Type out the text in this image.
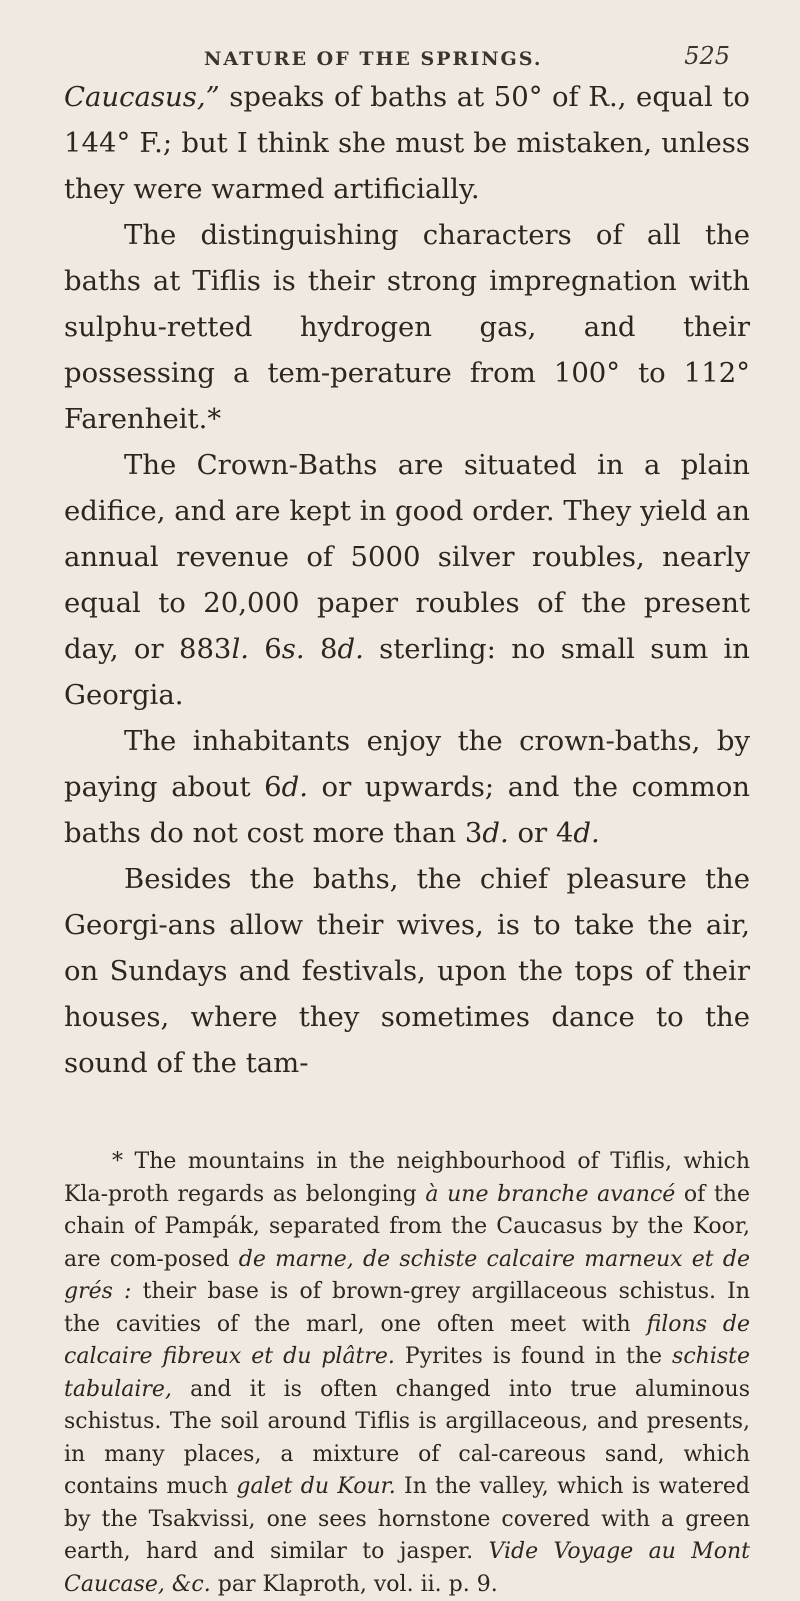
NATURE OF THE SPRINGS.	525

Caucasus,” speaks of baths at 50° of R., equal to 144° F.; but I think she must be mistaken, unless they were warmed artificially.

The distinguishing characters of all the baths at Tiflis is their strong impregnation with sulphu-retted hydrogen gas, and their possessing a tem-perature from 100° to 112° Farenheit.*

The Crown-Baths are situated in a plain edifice, and are kept in good order. They yield an annual revenue of 5000 silver roubles, nearly equal to 20,000 paper roubles of the present day, or 883l. 6s. 8d. sterling: no small sum in Georgia.

The inhabitants enjoy the crown-baths, by paying about 6d. or upwards; and the common baths do not cost more than 3d. or 4d.

Besides the baths, the chief pleasure the Georgi-ans allow their wives, is to take the air, on Sundays and festivals, upon the tops of their houses, where they sometimes dance to the sound of the tam-

* The mountains in the neighbourhood of Tiflis, which Kla-proth regards as belonging à une branche avancé of the chain of Pampák, separated from the Caucasus by the Koor, are com-posed de marne, de schiste calcaire marneux et de grés : their base is of brown-grey argillaceous schistus. In the cavities of the marl, one often meet with filons de calcaire fibreux et du plâtre. Pyrites is found in the schiste tabulaire, and it is often changed into true aluminous schistus. The soil around Tiflis is argillaceous, and presents, in many places, a mixture of cal-careous sand, which contains much galet du Kour. In the valley, which is watered by the Tsakvissi, one sees hornstone covered with a green earth, hard and similar to jasper. Vide Voyage au Mont Caucase, &c. par Klaproth, vol. ii. p. 9.
